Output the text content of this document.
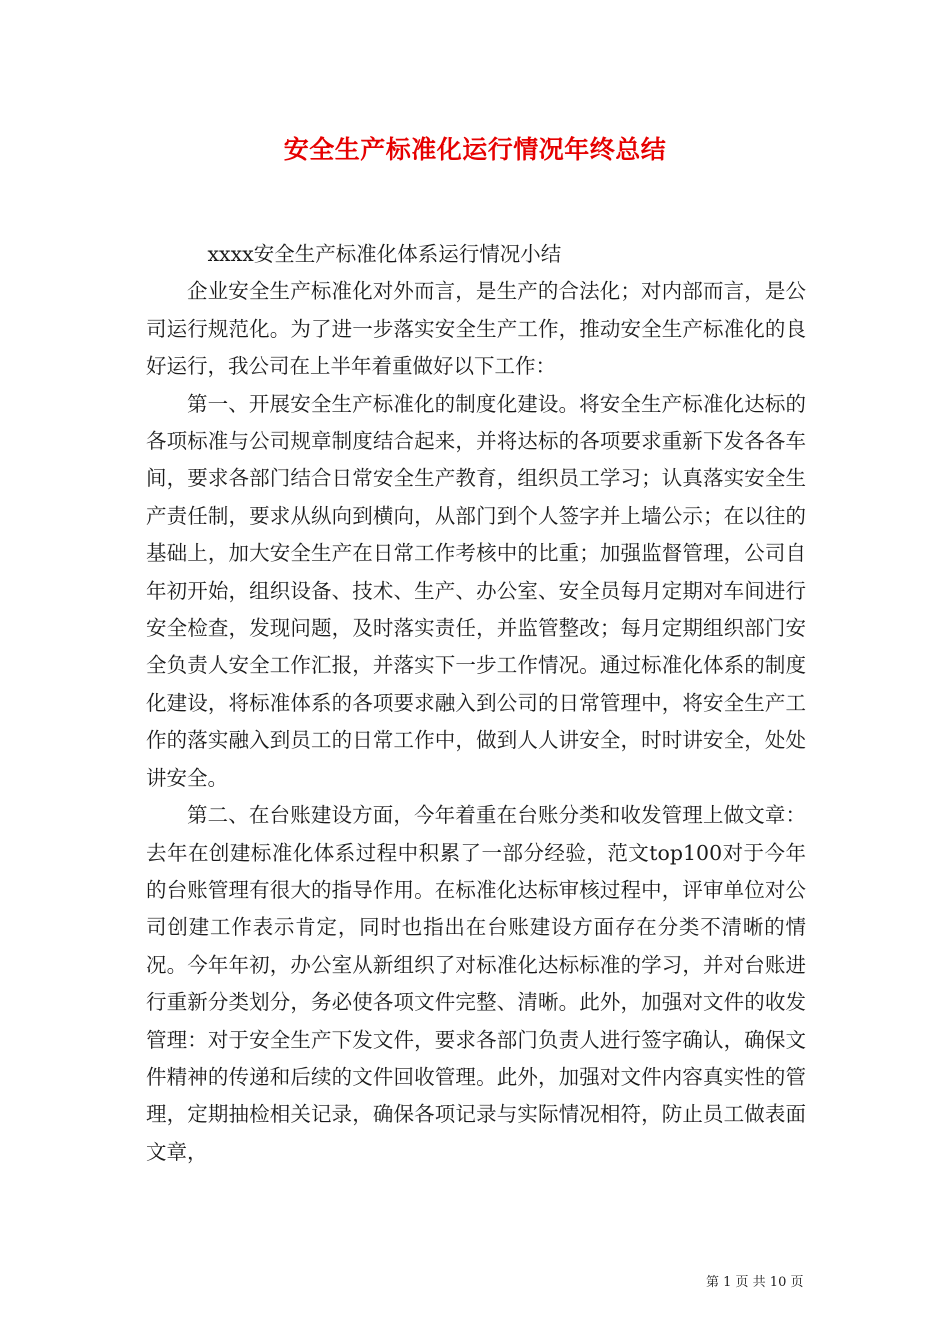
安全生产标准化运行情况年终总结

xxxx安全生产标准化体系运行情况小结

企业安全生产标准化对外而言，是生产的合法化；对内部而言，是公司运行规范化。为了进一步落实安全生产工作，推动安全生产标准化的良好运行，我公司在上半年着重做好以下工作：

第一、开展安全生产标准化的制度化建设。将安全生产标准化达标的各项标准与公司规章制度结合起来，并将达标的各项要求重新下发各各车间，要求各部门结合日常安全生产教育，组织员工学习；认真落实安全生产责任制，要求从纵向到横向，从部门到个人签字并上墙公示；在以往的基础上，加大安全生产在日常工作考核中的比重；加强监督管理，公司自年初开始，组织设备、技术、生产、办公室、安全员每月定期对车间进行安全检查，发现问题，及时落实责任，并监管整改；每月定期组织部门安全负责人安全工作汇报，并落实下一步工作情况。通过标准化体系的制度化建设，将标准体系的各项要求融入到公司的日常管理中，将安全生产工作的落实融入到员工的日常工作中，做到人人讲安全，时时讲安全，处处讲安全。

第二、在台账建设方面，今年着重在台账分类和收发管理上做文章：去年在创建标准化体系过程中积累了一部分经验，范文top100对于今年的台账管理有很大的指导作用。在标准化达标审核过程中，评审单位对公司创建工作表示肯定，同时也指出在台账建设方面存在分类不清晰的情况。今年年初，办公室从新组织了对标准化达标标准的学习，并对台账进行重新分类划分，务必使各项文件完整、清晰。此外，加强对文件的收发管理：对于安全生产下发文件，要求各部门负责人进行签字确认，确保文件精神的传递和后续的文件回收管理。此外，加强对文件内容真实性的管理，定期抽检相关记录，确保各项记录与实际情况相符，防止员工做表面文章，

第 1 页 共 10 页
